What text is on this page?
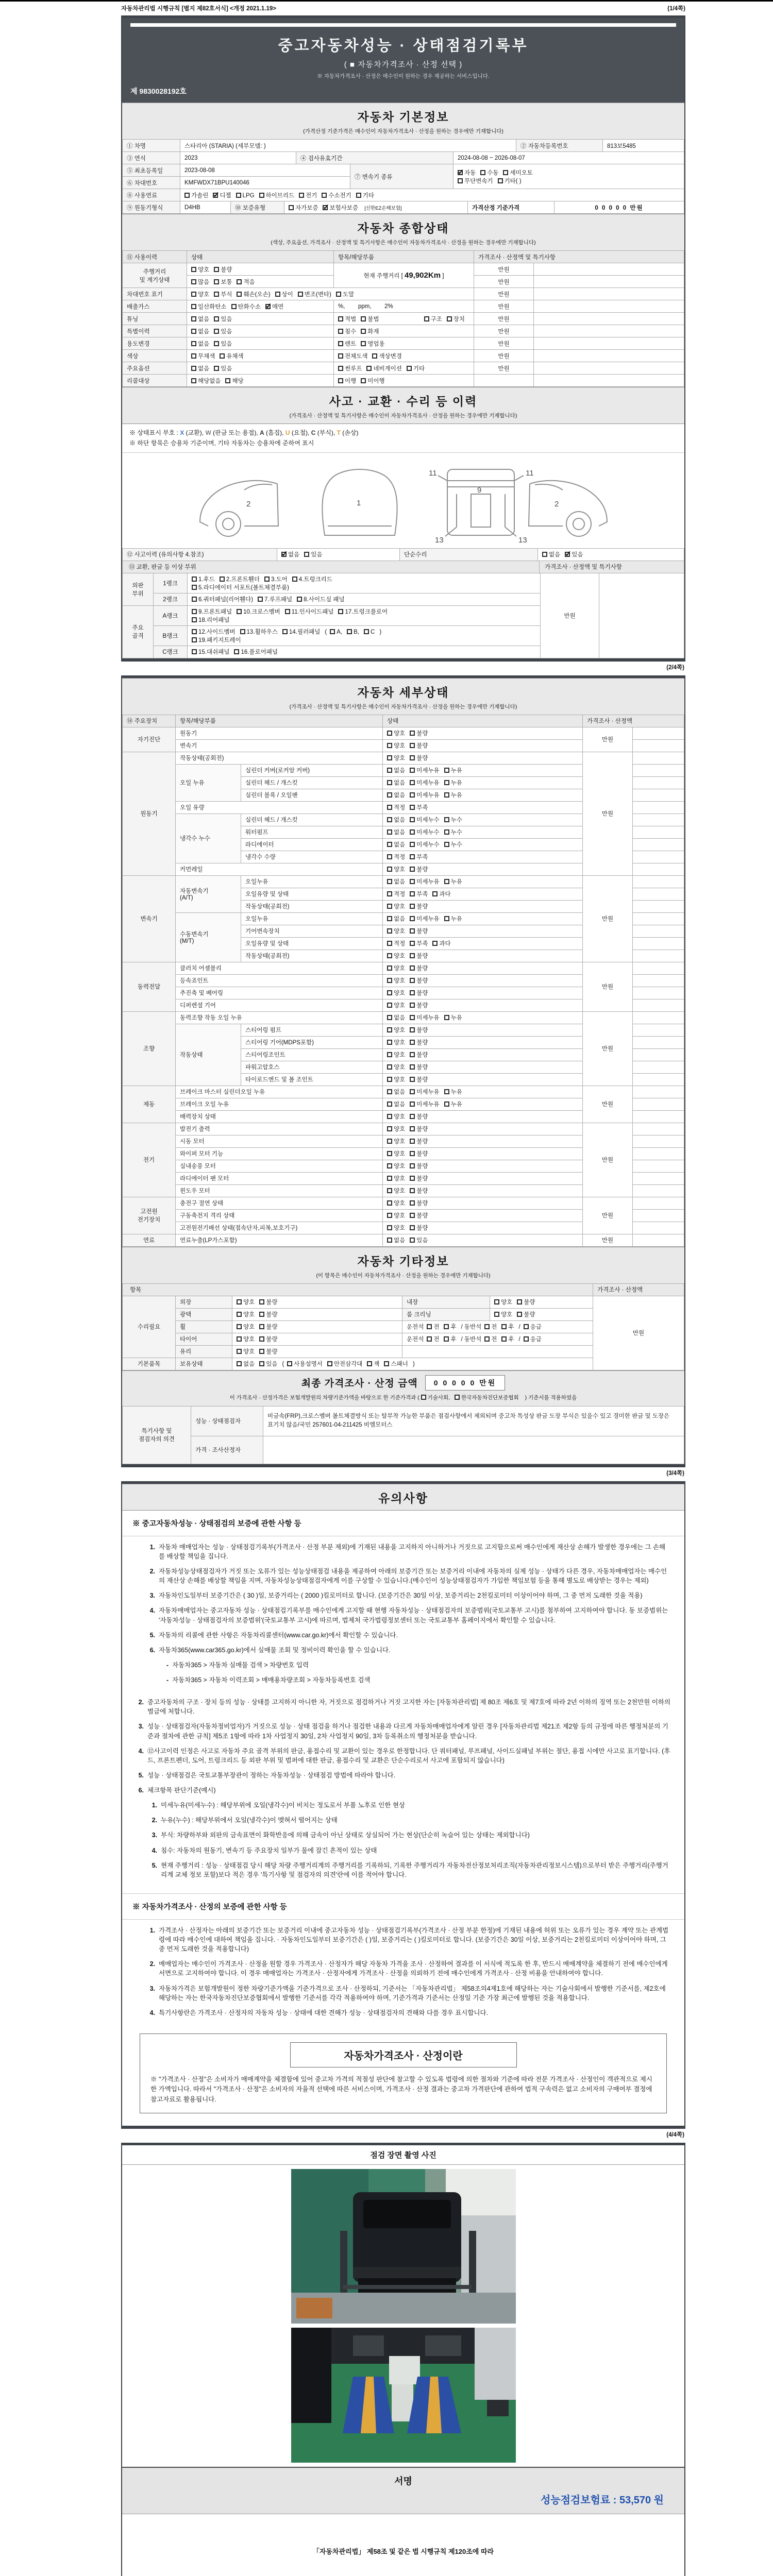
자동차관리법 시행규칙 [별지 제82호서식] <개정 2021.1.19>	(1/4쪽)
중고자동차성능 · 상태점검기록부
( ■ 자동차가격조사 · 산정 선택 )
※ 자동차가격조사 · 산정은 매수인이 원하는 경우 제공하는 서비스입니다.
제 9830028192호
자동차 기본정보
(가격산정 기준가격은 매수인이 자동차가격조사 · 산정을 원하는 경우에만 기재합니다)
① 차명	스타리아 (STARIA) (세부모델: )	② 자동차등록번호	813보5485
③ 연식	2023	④ 검사유효기간	2024-08-08 ~ 2026-08-07
⑤ 최초등록일	2023-08-08	⑦ 변속기 종류	✓자동 수동 세미오토
무단변속기 기타( )
⑥ 차대번호	KMFWDX71BPU140046		
⑧ 사용연료	가솔린 ✓ 디젤 LPG 하이브리드 전기 수소전기 기타
⑨ 원동기형식	D4HB	⑩ 보증유형	자가보증 ✓ 보험사보증 [신한EZ손해보험]	가격산정 기준가격	0 0 0 0 0 만원
자동차 종합상태
(색상, 주요옵션, 가격조사 · 산정액 및 특기사항은 매수인이 자동차가격조사 · 산정을 원하는 경우에만 기재합니다)
⑪ 사용이력	상태	항목/해당부품	가격조사 · 산정액 및 특기사항	
주행거리
및 계기상태	양호 불량	현재 주행거리 [ 49,902Km ]	만원	
	많음 보통 적음		만원	
차대번호 표기	양호 부식 훼손(오손) 상이 변조(변타) 도말		만원	
배출가스	일산화탄소 탄화수소 ✓ 매연	%,        ppm,        2%	만원	
튜닝	없음 있음	적법 불법 구조 장치	만원	
특별이력	없음 있음	침수 화재	만원	
용도변경	없음 있음	렌트 영업용	만원	
색상	무채색 유채색	전체도색 색상변경	만원	
주요옵션	없음 있음	썬루프 네비게이션 기타	만원	
리콜대상	해당없음 해당	이행 미이행		
사고 · 교환 · 수리 등 이력
(가격조사 · 산정액 및 특기사항은 매수인이 자동차가격조사 · 산정을 원하는 경우에만 기재합니다)
※ 상태표시 부호 : X (교환), W (판금 또는 용접), A (흠집), U (요철), C (부식), T (손상)
※ 하단 항목은 승용차 기준이며, 기타 자동차는 승용차에 준하여 표시
2	1
11
9
11
13	13
2
⑫ 사고이력 (유의사항 4.참조)	✓없음 있음	단순수리	없음 ✓ 있음
⑬ 교환, 판금 등 이상 부위	가격조사 · 산정액 및 특기사항
외판
부위	1랭크	1.후드 2.프론트휀더 3.도어 4.트렁크리드
5.라디에이터 서포트(볼트체결부품)	만원	
	2랭크	6.쿼터패널(리어휀다) 7.루프패널 8.사이드실 패널		
주요
골격	A랭크	9.프론트패널 10.크로스멤버 11.인사이드패널 17.트렁크플로어
18.리어패널		
	B랭크	12.사이드멤버 13.휠하우스 14.필러패널 ( A, B, C )
19.패키지트레이		
	C랭크	15.대쉬패널 16.플로어패널		
(2/4쪽)
자동차 세부상태
(가격조사 · 산정액 및 특기사항은 매수인이 자동차가격조사 · 산정을 원하는 경우에만 기재합니다)
⑭ 주요장치	항목/해당부품		상태	가격조사 · 산정액	
자기진단	원동기		양호 불량	만원	
	변속기		양호 불량		
원동기	작동상태(공회전)		양호 불량	만원	
	오일 누유	실린더 커버(로커암 커버)	없음 미세누유 누유		
		실린더 헤드 / 개스킷	없음 미세누유 누유		
		실린더 블록 / 오일팬	없음 미세누유 누유		
	오일 유량		적정 부족		
	냉각수 누수	실린더 헤드 / 개스킷	없음 미세누수 누수		
		워터펌프	없음 미세누수 누수		
		라디에이터	없음 미세누수 누수		
		냉각수 수량	적정 부족		
	커먼레일		양호 불량		
변속기	자동변속기
(A/T)	오일누유	없음 미세누유 누유	만원	
		오일유량 및 상태	적정 부족 과다		
		작동상태(공회전)	양호 불량		
	수동변속기
(M/T)	오일누유	없음 미세누유 누유		
		기어변속장치	양호 불량		
		오일유량 및 상태	적정 부족 과다		
		작동상태(공회전)	양호 불량		
동력전달	클러치 어셈블리		양호 불량	만원	
	등속죠인트		양호 불량		
	추진축 및 베어링		양호 불량		
	디퍼렌셜 기어		양호 불량		
조향	동력조향 작동 오일 누유		없음 미세누유 누유	만원	
	작동상태	스티어링 펌프	양호 불량		
		스티어링 기어(MDPS포함)	양호 불량		
		스티어링조인트	양호 불량		
		파워고압호스	양호 불량		
		타이로드엔드 및 볼 조인트	양호 불량		
제동	브레이크 마스터 실린더오일 누유		없음 미세누유 누유	만원	
	브레이크 오일 누유		없음 미세누유 누유		
	배력장치 상태		양호 불량		
전기	발전기 출력		양호 불량	만원	
	시동 모터		양호 불량		
	와이퍼 모터 기능		양호 불량		
	실내송풍 모터		양호 불량		
	라디에이터 팬 모터		양호 불량		
	윈도우 모터		양호 불량		
고전원
전기장치	충전구 절연 상태		양호 불량	만원	
	구동축전지 격리 상태		양호 불량		
	고전원전기배선 상태(접속단자,피복,보호기구)		양호 불량		
연료	연료누출(LP가스포함)		없음 있음	만원	
자동차 기타정보
(이 항목은 매수인이 자동차가격조사 · 산정을 원하는 경우에만 기재합니다)
항목					가격조사 · 산정액
수리필요	외장	양호 불량	내장	양호 불량	만원
	광택	양호 불량	룸 크리닝	양호 불량	
	휠	양호 불량	운전석 전 후 / 동반석 전 후 / 응급		
	타이어	양호 불량	운전석 전 후 / 동반석 전 후 / 응급		
	유리	양호 불량			
기본품목	보유상태	없음 있음 ( 사용설명서 안전삼각대 잭 스패너 )			
최종 가격조사 · 산정 금액 0 0 0 0 0 만원
이 가격조사 · 산정가격은 보험개발원의 차량기준가액을 바탕으로 한 기준가격과 ( 기술사회, 한국자동차진단보증협회 ) 기준서를 적용하였음
특기사항 및
점검자의 의견	성능 · 상태점검자	비금속(FRP),크로스멤버 볼트체결방식 또는 탈부착 가능한 부품은 점검사항에서 제외되며 중고차 특성상 판금 도장 부식은 있을수 있고 경미한 판금 및 도장은 표기치 않음/국민 257601-04-211425 비엠모터스
	가격 · 조사산정자	
(3/4쪽)
유의사항
※ 중고자동차성능 · 상태점검의 보증에 관한 사항 등
1. 자동차 매매업자는 성능 · 상태점검기록부(가격조사 · 산정 부분 제외)에 기재된 내용을 고지하지 아니하거나 거짓으로 고지함으로써 매수인에게 재산상 손해가 발생한 경우에는 그 손해를 배상할 책임을 집니다.
2. 자동차성능상태점검자가 거짓 또는 오류가 있는 성능상태점검 내용을 제공하여 아래의 보증기간 또는 보증거리 이내에 자동차의 실제 성능 · 상태가 다른 경우, 자동차매매업자는 매수인의 재산상 손해를 배상할 책임을 지며, 자동차성능상태점검자에게 이를 구상할 수 있습니다.(매수인이 성능상태점검자가 가입한 책임보험 등을 통해 별도로 배상받는 경우는 제외)
3. 자동차인도일부터 보증기간은 ( 30 )일, 보증거리는 ( 2000 )킬로미터로 합니다. (보증기간은 30일 이상, 보증거리는 2천킬로미터 이상이어야 하며, 그 중 먼저 도래한 것을 적용)
4. 자동차매매업자는 중고자동차 성능 · 상태점검기록부를 매수인에게 고지할 때 현행 자동차성능 · 상태점검자의 보증범위(국토교통부 고시)를 첨부하여 고지하여야 합니다. 동 보증범위는 '자동차성능 · 상태점검자의 보증범위'(국토교통부 고시)에 따르며, 법제처 국가법령정보센터 또는 국토교통부 홈페이지에서 확인할 수 있습니다.
5. 자동차의 리콜에 관한 사항은 자동차리콜센터(www.car.go.kr)에서 확인할 수 있습니다.
6. 자동차365(www.car365.go.kr)에서 실매물 조회 및 정비이력 확인을 할 수 있습니다.
- 자동차365 > 자동차 실매물 검색 > 차량번호 입력
- 자동차365 > 자동차 이력조회 > 매매용차량조회 > 자동차등록번호 검색
2. 중고자동차의 구조 · 장치 등의 성능 · 상태를 고지하지 아니한 자, 거짓으로 점검하거나 거짓 고지한 자는 [자동차관리법] 제 80조 제6호 및 제7호에 따라 2년 이하의 징역 또는 2천만원 이하의 벌금에 처합니다.
3. 성능 · 상태점검자(자동차정비업자)가 거짓으로 성능 · 상태 점검을 하거나 점검한 내용과 다르게 자동차매매업자에게 알린 경우 [자동차관리법 제21조 제2항 등의 규정에 따른 행정처분의 기준과 절차에 관한 규칙] 제5조 1항에 따라 1차 사업정지 30일, 2차 사업정지 90일, 3차 등록취소의 행정처분을 받습니다.
4. ⑫사고이력 인정은 사고로 자동차 주요 골격 부위의 판금, 용접수리 및 교환이 있는 경우로 한정합니다. 단 쿼터패널, 루프패널, 사이드실패널 부위는 절단, 용접 시에만 사고로 표기합니다. (후드, 프론트펜더, 도어, 트렁크리드 등 외판 부위 및 범퍼에 대한 판금, 용접수리 및 교환은 단순수리로서 사고에 포함되지 않습니다)
5. 성능 · 상태점검은 국토교통부장관이 정하는 자동차성능 · 상태점검 방법에 따라야 합니다.
6. 체크항목 판단기준(예시)
1. 미세누유(미세누수) : 해당부위에 오일(냉각수)이 비치는 정도로서 부품 노후로 인한 현상
2. 누유(누수) : 해당부위에서 오일(냉각수)이 맺혀서 떨어지는 상태
3. 부식: 차량하부와 외판의 금속표면이 화학반응에 의해 금속이 아닌 상태로 상실되어 가는 현상(단순히 녹슬어 있는 상태는 제외합니다)
4. 침수: 자동차의 원동기, 변속기 등 주요장치 일부가 물에 잠긴 흔적이 있는 상태
5. 현재 주행거리 : 성능 · 상태점검 당시 해당 차량 주행거리계의 주행거리를 기록하되, 기록한 주행거리가 자동차전산정보처리조직(자동차관리정보시스템)으로부터 받은 주행거리(주행거리계 교체 정보 포함)보다 적은 경우 '특기사항 및 점검자의 의견'란에 이를 적어야 합니다.
※ 자동차가격조사 · 산정의 보증에 관한 사항 등
1. 가격조사 · 산정자는 아래의 보증기간 또는 보증거리 이내에 중고자동차 성능 · 상태점검기록부(가격조사 · 산정 부분 한정)에 기재된 내용에 허위 또는 오류가 있는 경우 계약 또는 관계법령에 따라 매수인에 대하여 책임을 집니다. · 자동차인도일부터 보증기간은 ( )일, 보증거리는 ( )킬로미터로 합니다. (보증기간은 30일 이상, 보증거리는 2천킬로미터 이상이어야 하며, 그 중 먼저 도래한 것을 적용합니다)
2. 매매업자는 매수인이 가격조사 · 산정을 원할 경우 가격조사 · 산정자가 해당 자동차 가격을 조사 · 산정하여 결과를 이 서식에 적도록 한 후, 반드시 매매계약을 체결하기 전에 매수인에게 서면으로 고지하여야 합니다. 이 경우 매매업자는 가격조사 · 산정자에게 가격조사 · 산정을 의뢰하기 전에 매수인에게 가격조사 · 산정 비용을 안내하여야 합니다.
3. 자동차가격은 보험개발원이 정한 차량기준가액을 기준가격으로 조사 · 산정하되, 기준서는 「자동차관리법」 제58조의4제1호에 해당하는 자는 기술사회에서 발행한 기준서를, 제2호에 해당하는 자는 한국자동차진단보증협회에서 발행한 기준서를 각각 적용하여야 하며, 기준가격과 기준서는 산정일 기준 가장 최근에 발행된 것을 적용합니다.
4. 특기사항란은 가격조사 · 산정자의 자동차 성능 · 상태에 대한 견해가 성능 · 상태점검자의 견해와 다를 경우 표시합니다.
자동차가격조사 · 산정이란
※ "가격조사 · 산정"은 소비자가 매매계약을 체결함에 있어 중고차 가격의 적절성 판단에 참고할 수 있도록 법령에 의한 절차와 기준에 따라 전문 가격조사 · 산정인이 객관적으로 제시한 가액입니다. 따라서 "가격조사 · 산정"은 소비자의 자율적 선택에 따른 서비스이며, 가격조사 · 산정 결과는 중고차 가격판단에 관하여 법적 구속력은 없고 소비자의 구매여부 결정에 참고자료로 활용됩니다.
(4/4쪽)
점검 장면 촬영 사진
서명
성능점검보험료 : 53,570 원

「자동차관리법」 제58조 및 같은 법 시행규칙 제120조에 따라
